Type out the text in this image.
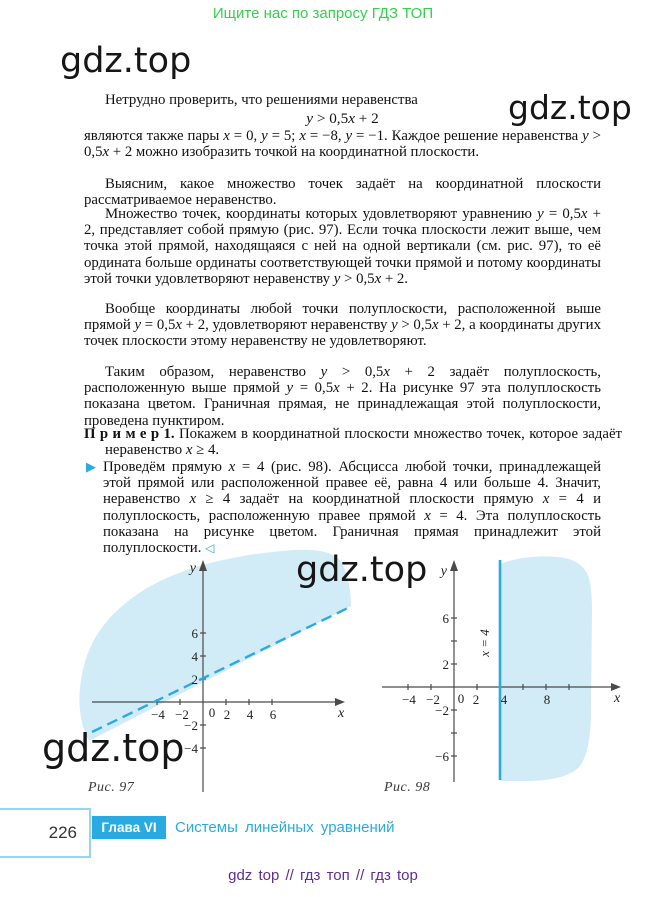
Ищите нас по запросу ГДЗ ТОП
gdz.top
gdz.top
Нетрудно проверить, что решениями неравенства
y > 0,5x + 2
являются также пары x = 0, y = 5; x = −8, y = −1. Каждое решение неравенства y > 0,5x + 2 можно изобразить точкой на координатной плоскости.
Выясним, какое множество точек задаёт на координатной плоскости рассматриваемое неравенство.
Множество точек, координаты которых удовлетворяют уравнению y = 0,5x + 2, представляет собой прямую (рис. 97). Если точка плоскости лежит выше, чем точка этой прямой, находящаяся с ней на одной вертикали (см. рис. 97), то её ордината больше ординаты соответствующей точки прямой и потому координаты этой точки удовлетворяют неравенству y > 0,5x + 2.
Вообще координаты любой точки полуплоскости, расположенной выше прямой y = 0,5x + 2, удовлетворяют неравенству y > 0,5x + 2, а координаты других точек плоскости этому неравенству не удовлетворяют.
Таким образом, неравенство y > 0,5x + 2 задаёт полуплоскость, расположенную выше прямой y = 0,5x + 2. На рисунке 97 эта полуплоскость показана цветом. Граничная прямая, не принадлежащая этой полуплоскости, проведена пунктиром.
П р и м е р 1. Покажем в координатной плоскости множество точек, которое задаёт неравенство x ≥ 4.
▶ Проведём прямую x = 4 (рис. 98). Абсцисса любой точки, принадлежащей этой прямой или расположенной правее её, равна 4 или больше 4. Значит, неравенство x ≥ 4 задаёт на координатной плоскости прямую x = 4 и полуплоскость, расположенную правее прямой x = 4. Эта полуплоскость показана на рисунке цветом. Граничная прямая принадлежит этой полуплоскости. ◁
−4 −2 0 2 4 6
6
4
2
−2
−4
y
x
x = 4
−4 −2 0 2 4	8
6
2
−2
−6
y
x
gdz.top
gdz.top
Рис. 97	Рис. 98
226	Глава VI	Системы линейных уравнений
gdz top // гдз топ // гдз top
